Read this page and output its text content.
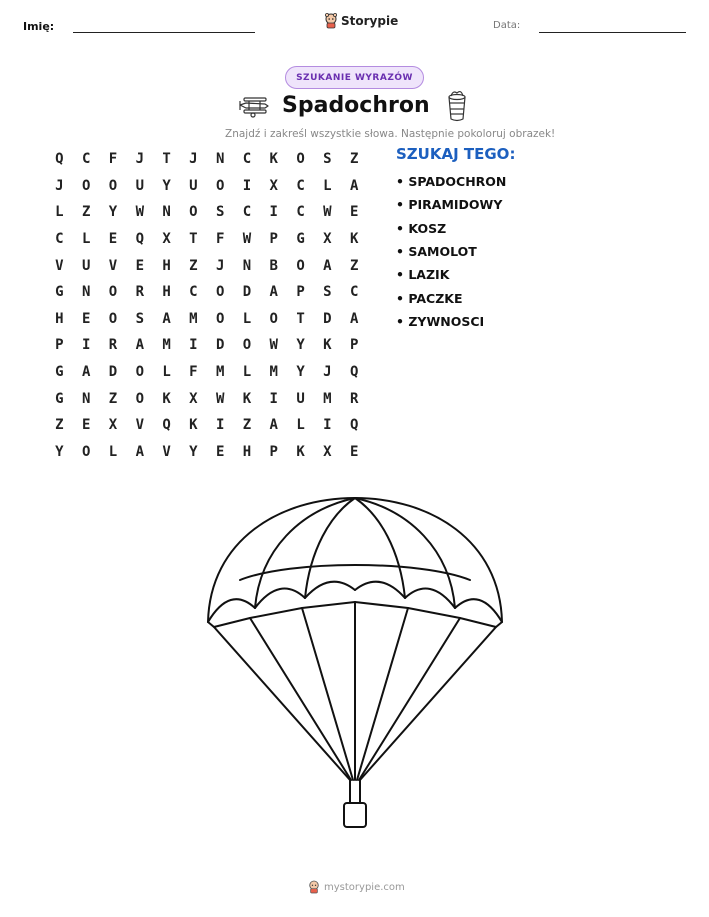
Imię:	Storypie	Data:
SZUKANIE WYRAZÓW
Spadochron
Znajdź i zakreśl wszystkie słowa. Następnie pokoloruj obrazek!
Q	C	F	J	T	J	N	C	K	O	S	Z
J	O	O	U	Y	U	O	I	X	C	L	A
L	Z	Y	W	N	O	S	C	I	C	W	E
C	L	E	Q	X	T	F	W	P	G	X	K
V	U	V	E	H	Z	J	N	B	O	A	Z
G	N	O	R	H	C	O	D	A	P	S	C
H	E	O	S	A	M	O	L	O	T	D	A
P	I	R	A	M	I	D	O	W	Y	K	P
G	A	D	O	L	F	M	L	M	Y	J	Q
G	N	Z	O	K	X	W	K	I	U	M	R
Z	E	X	V	Q	K	I	Z	A	L	I	Q
Y	O	L	A	V	Y	E	H	P	K	X	E
SZUKAJ TEGO:
• SPADOCHRON
• PIRAMIDOWY
• KOSZ
• SAMOLOT
• LAZIK
• PACZKE
• ZYWNOSCI
mystorypie.com
